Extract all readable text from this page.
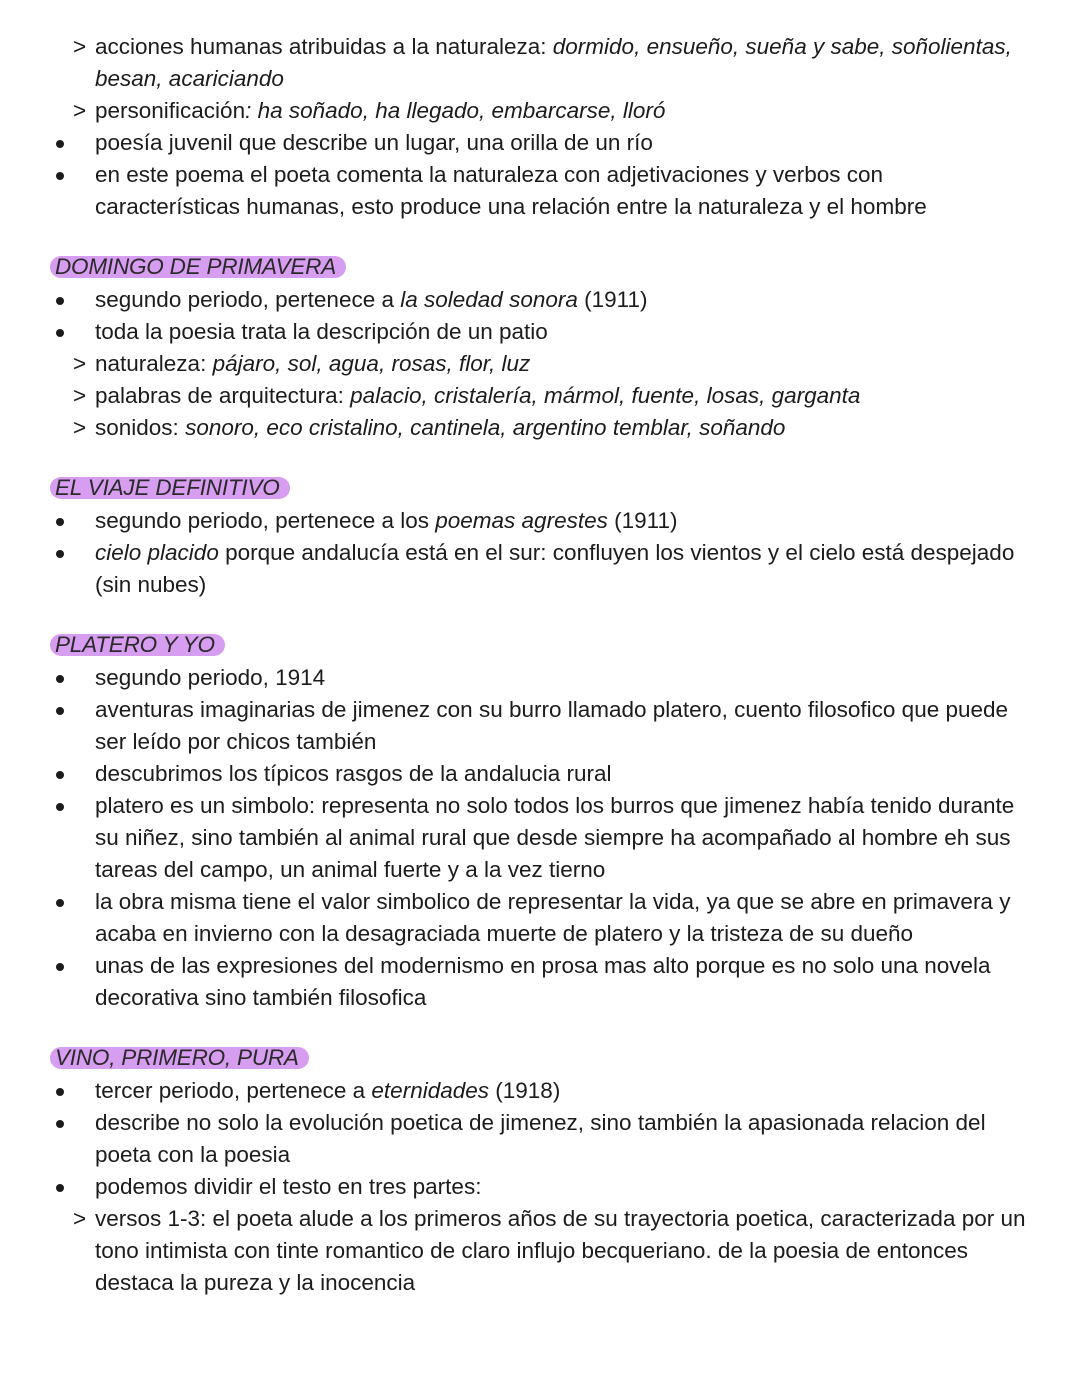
> acciones humanas atribuidas a la naturaleza: dormido, ensueño, sueña y sabe, soñolientas, besan, acariciando
> personificación: ha soñado, ha llegado, embarcarse, lloró
poesía juvenil que describe un lugar, una orilla de un río
en este poema el poeta comenta la naturaleza con adjetivaciones y verbos con características humanas, esto produce una relación entre la naturaleza y el hombre
DOMINGO DE PRIMAVERA
segundo periodo, pertenece a la soledad sonora (1911)
toda la poesia trata la descripción de un patio
> naturaleza: pájaro, sol, agua, rosas, flor, luz
> palabras de arquitectura: palacio, cristalería, mármol, fuente, losas, garganta
> sonidos: sonoro, eco cristalino, cantinela, argentino temblar, soñando
EL VIAJE DEFINITIVO
segundo periodo, pertenece a los poemas agrestes (1911)
cielo placido porque andalucía está en el sur: confluyen los vientos y el cielo está despejado (sin nubes)
PLATERO Y YO
segundo periodo, 1914
aventuras imaginarias de jimenez con su burro llamado platero, cuento filosofico que puede ser leído por chicos también
descubrimos los típicos rasgos de la andalucia rural
platero es un simbolo: representa no solo todos los burros que jimenez había tenido durante su niñez, sino también al animal rural que desde siempre ha acompañado al hombre eh sus tareas del campo, un animal fuerte y a la vez tierno
la obra misma tiene el valor simbolico de representar la vida, ya que se abre en primavera y acaba en invierno con la desagraciada muerte de platero y la tristeza de su dueño
unas de las expresiones del modernismo en prosa mas alto porque es no solo una novela decorativa sino también filosofica
VINO, PRIMERO, PURA
tercer periodo, pertenece a eternidades (1918)
describe no solo la evolución poetica de jimenez, sino también la apasionada relacion del poeta con la poesia
podemos dividir el testo en tres partes:
> versos 1-3: el poeta alude a los primeros años de su trayectoria poetica, caracterizada por un tono intimista con tinte romantico de claro influjo becqueriano. de la poesia de entonces destaca la pureza y la inocencia
